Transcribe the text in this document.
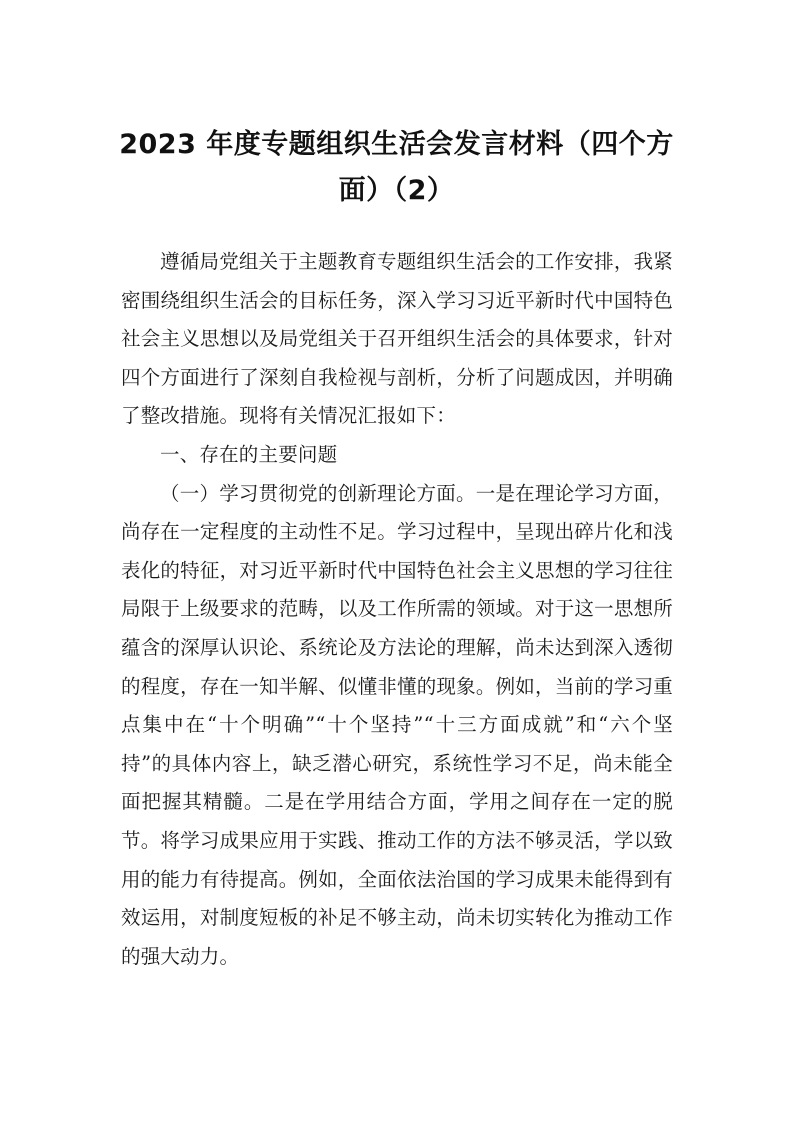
2023 年度专题组织生活会发言材料（四个方
面）（2）

遵循局党组关于主题教育专题组织生活会的工作安排，我紧密围绕组织生活会的目标任务，深入学习习近平新时代中国特色社会主义思想以及局党组关于召开组织生活会的具体要求，针对四个方面进行了深刻自我检视与剖析，分析了问题成因，并明确了整改措施。现将有关情况汇报如下：

一、存在的主要问题

（一）学习贯彻党的创新理论方面。一是在理论学习方面，尚存在一定程度的主动性不足。学习过程中，呈现出碎片化和浅表化的特征，对习近平新时代中国特色社会主义思想的学习往往局限于上级要求的范畴，以及工作所需的领域。对于这一思想所蕴含的深厚认识论、系统论及方法论的理解，尚未达到深入透彻的程度，存在一知半解、似懂非懂的现象。例如，当前的学习重点集中在“十个明确”“十个坚持”“十三方面成就”和“六个坚持”的具体内容上，缺乏潜心研究，系统性学习不足，尚未能全面把握其精髓。二是在学用结合方面，学用之间存在一定的脱节。将学习成果应用于实践、推动工作的方法不够灵活，学以致用的能力有待提高。例如，全面依法治国的学习成果未能得到有效运用，对制度短板的补足不够主动，尚未切实转化为推动工作的强大动力。
